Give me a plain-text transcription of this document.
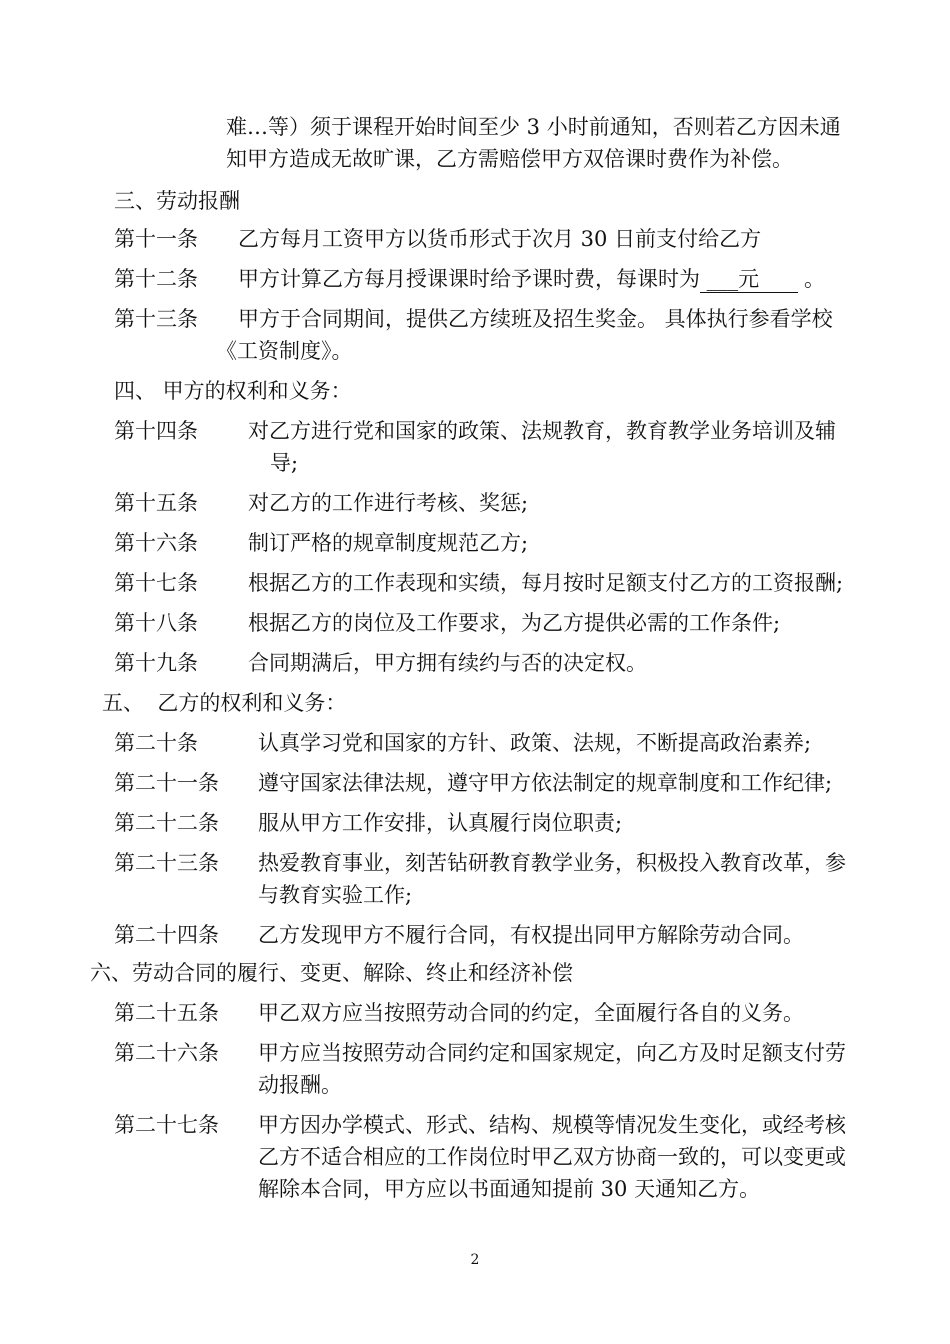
难…等）须于课程开始时间至少 3 小时前通知，否则若乙方因未通
知甲方造成无故旷课，乙方需赔偿甲方双倍课时费作为补偿。
三、劳动报酬
第十一条 乙方每月工资甲方以货币形式于次月 30 日前支付给乙方
第十二条 甲方计算乙方每月授课课时给予课时费，每课时为 ___元  。
第十三条 甲方于合同期间，提供乙方续班及招生奖金。 具体执行参看学校
《工资制度》。
四、 甲方的权利和义务：
第十四条 对乙方进行党和国家的政策、法规教育，教育教学业务培训及辅
导;
第十五条 对乙方的工作进行考核、奖惩;
第十六条 制订严格的规章制度规范乙方;
第十七条 根据乙方的工作表现和实绩，每月按时足额支付乙方的工资报酬;
第十八条 根据乙方的岗位及工作要求，为乙方提供必需的工作条件;
第十九条 合同期满后，甲方拥有续约与否的决定权。
五、  乙方的权利和义务：
第二十条	认真学习党和国家的方针、政策、法规，不断提高政治素养;
第二十一条 遵守国家法律法规，遵守甲方依法制定的规章制度和工作纪律;
第二十二条 服从甲方工作安排，认真履行岗位职责;
第二十三条 热爱教育事业，刻苦钻研教育教学业务，积极投入教育改革，参
与教育实验工作;
第二十四条 乙方发现甲方不履行合同，有权提出同甲方解除劳动合同。
六、劳动合同的履行、变更、解除、终止和经济补偿
第二十五条 甲乙双方应当按照劳动合同的约定，全面履行各自的义务。
第二十六条 甲方应当按照劳动合同约定和国家规定，向乙方及时足额支付劳
动报酬。
第二十七条 甲方因办学模式、形式、结构、规模等情况发生变化，或经考核
乙方不适合相应的工作岗位时甲乙双方协商一致的，可以变更或
解除本合同，甲方应以书面通知提前 30 天通知乙方。
2
